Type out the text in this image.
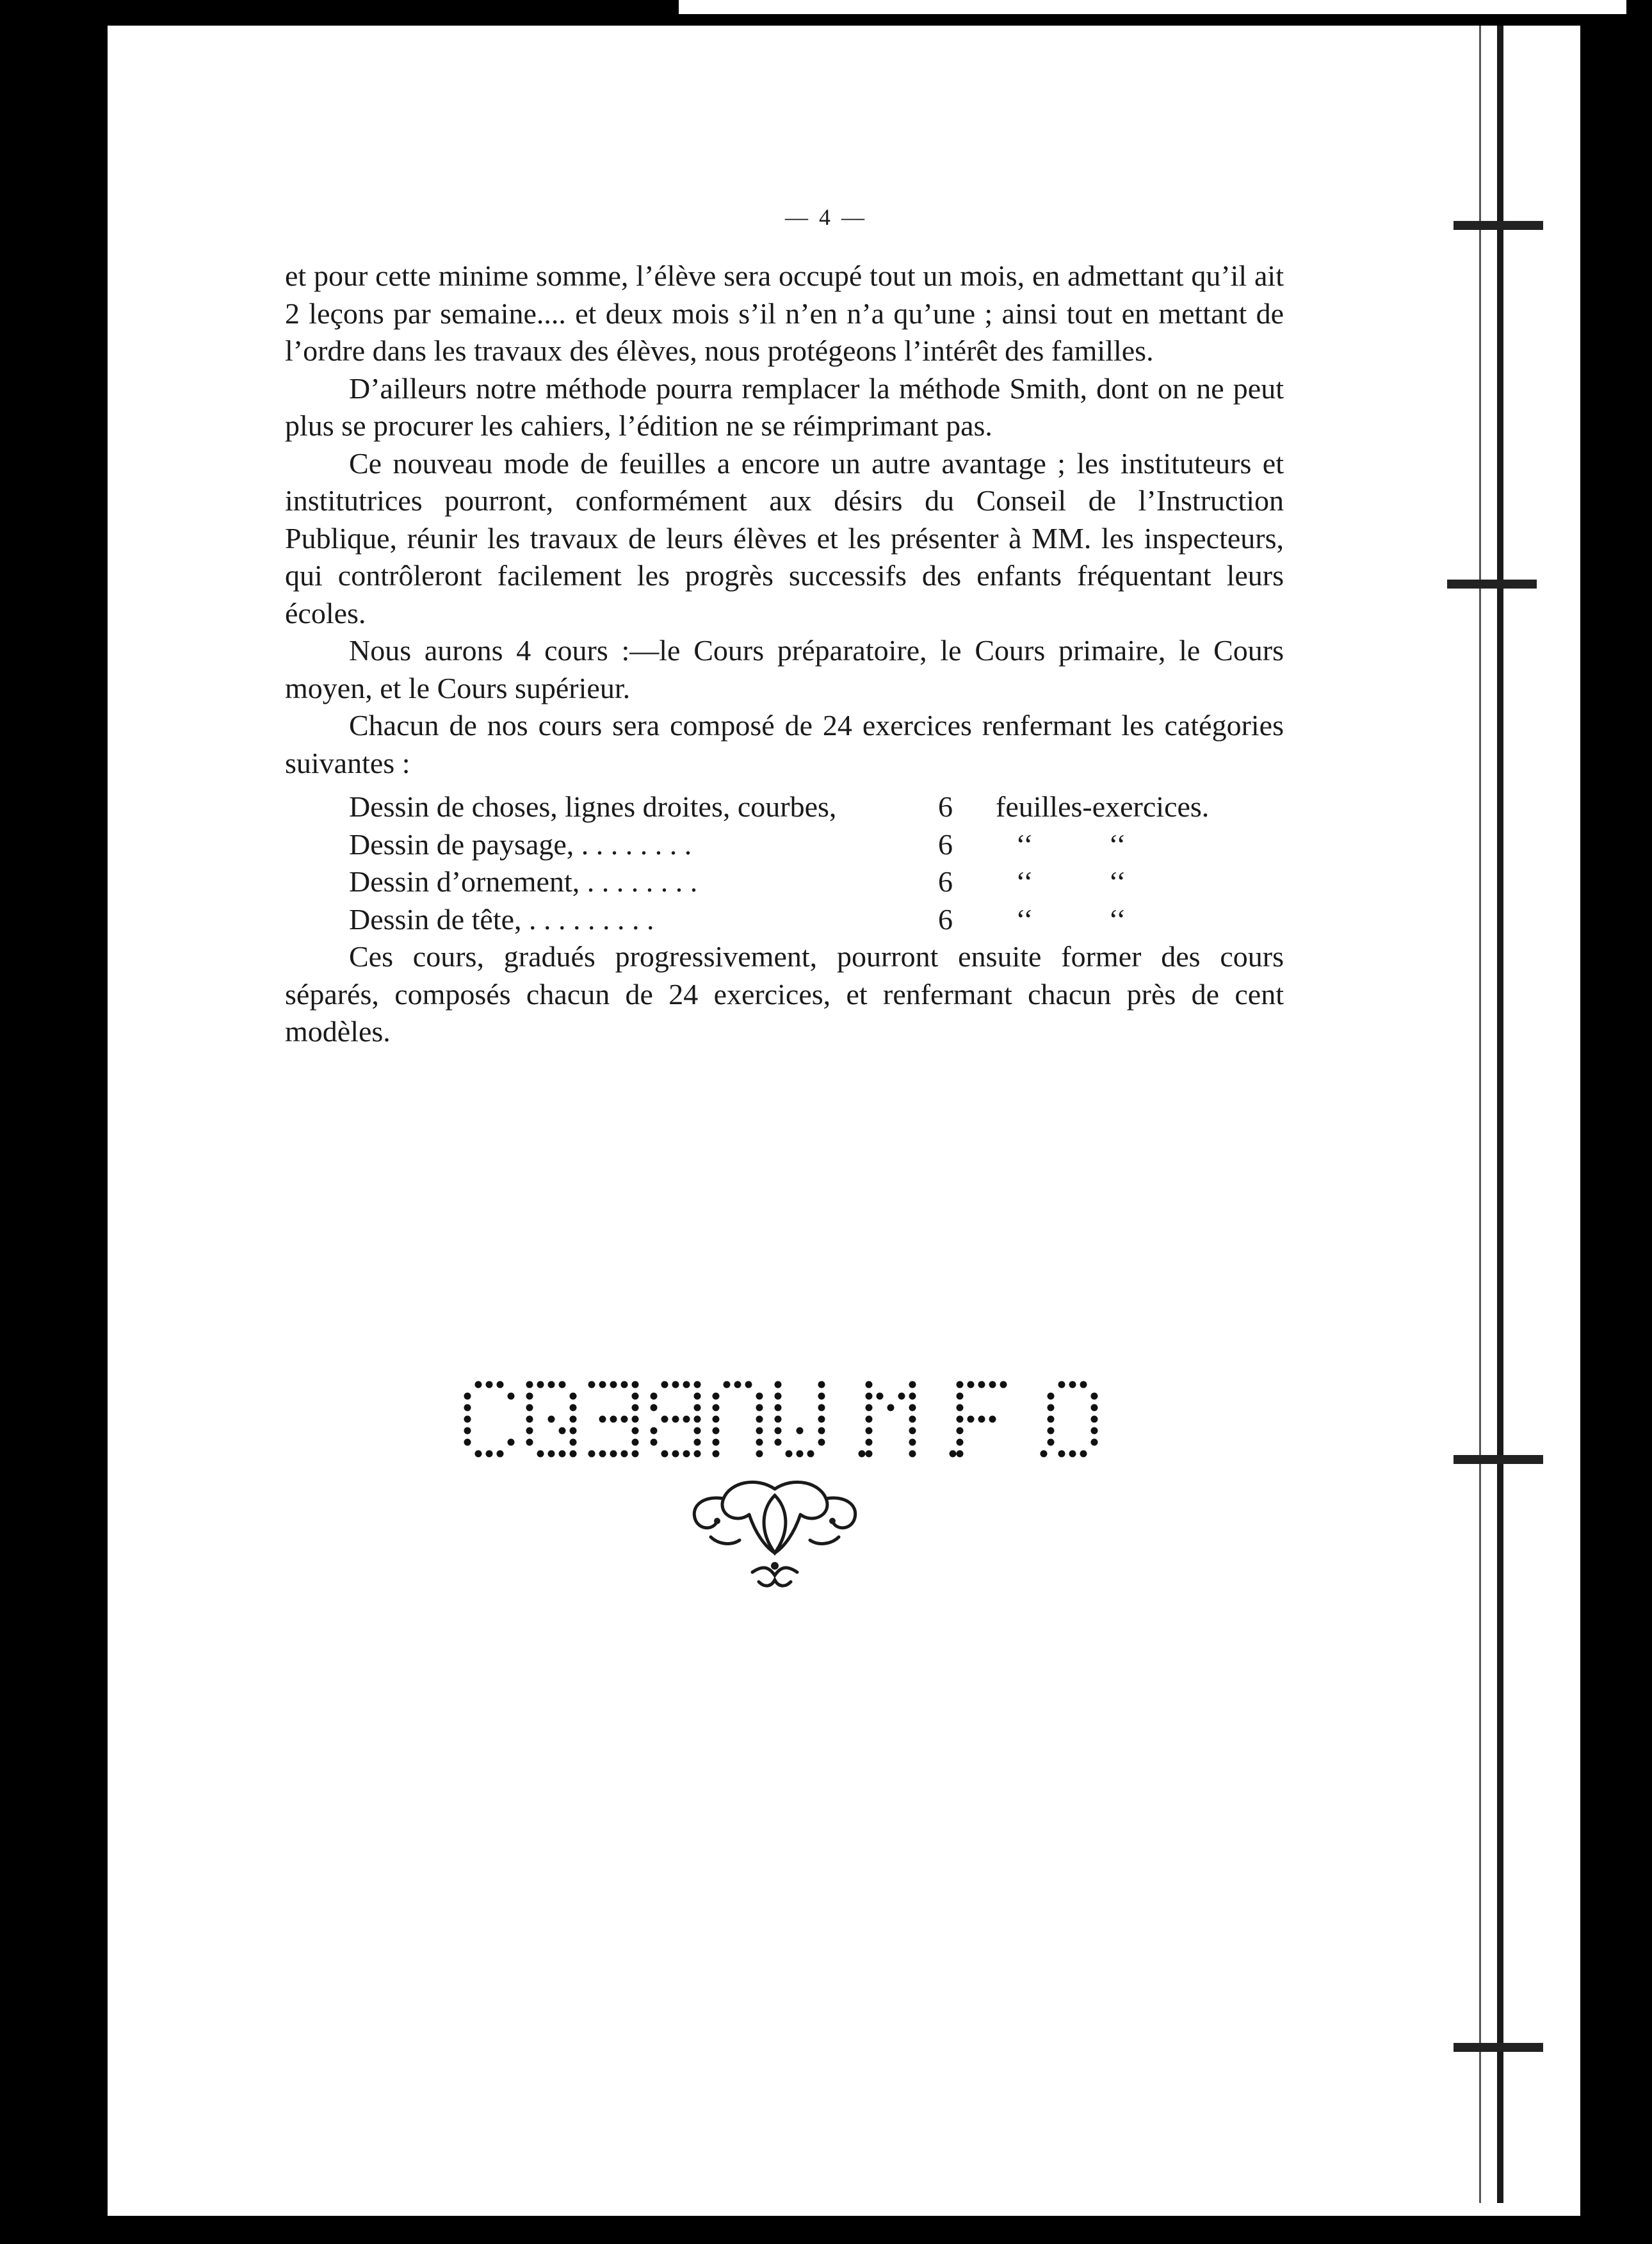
— 4 —

et pour cette minime somme, l’élève sera occupé tout un mois, en admettant qu’il ait 2 leçons par semaine.... et deux mois s’il n’en n’a qu’une ; ainsi tout en mettant de l’ordre dans les travaux des élèves, nous protégeons l’intérêt des familles.

D’ailleurs notre méthode pourra remplacer la méthode Smith, dont on ne peut plus se procurer les cahiers, l’édition ne se réimprimant pas.

Ce nouveau mode de feuilles a encore un autre avantage ; les instituteurs et institutrices pourront, conformément aux désirs du Conseil de l’Instruction Publique, réunir les travaux de leurs élèves et les présenter à MM. les inspecteurs, qui contrôleront facilement les progrès successifs des enfants fréquentant leurs écoles.

Nous aurons 4 cours :—le Cours préparatoire, le Cours primaire, le Cours moyen, et le Cours supérieur.

Chacun de nos cours sera composé de 24 exercices renfermant les catégories suivantes :

Dessin de choses, lignes droites, courbes,	6	feuilles-exercices.
Dessin de paysage, . . . . . . . .	6	‘‘	‘‘
Dessin d’ornement, . . . . . . . .	6	‘‘	‘‘
Dessin de tête, . . . . . . . . .	6	‘‘	‘‘

Ces cours, gradués progressivement, pourront ensuite former des cours séparés, composés chacun de 24 exercices, et renfermant chacun près de cent modèles.
